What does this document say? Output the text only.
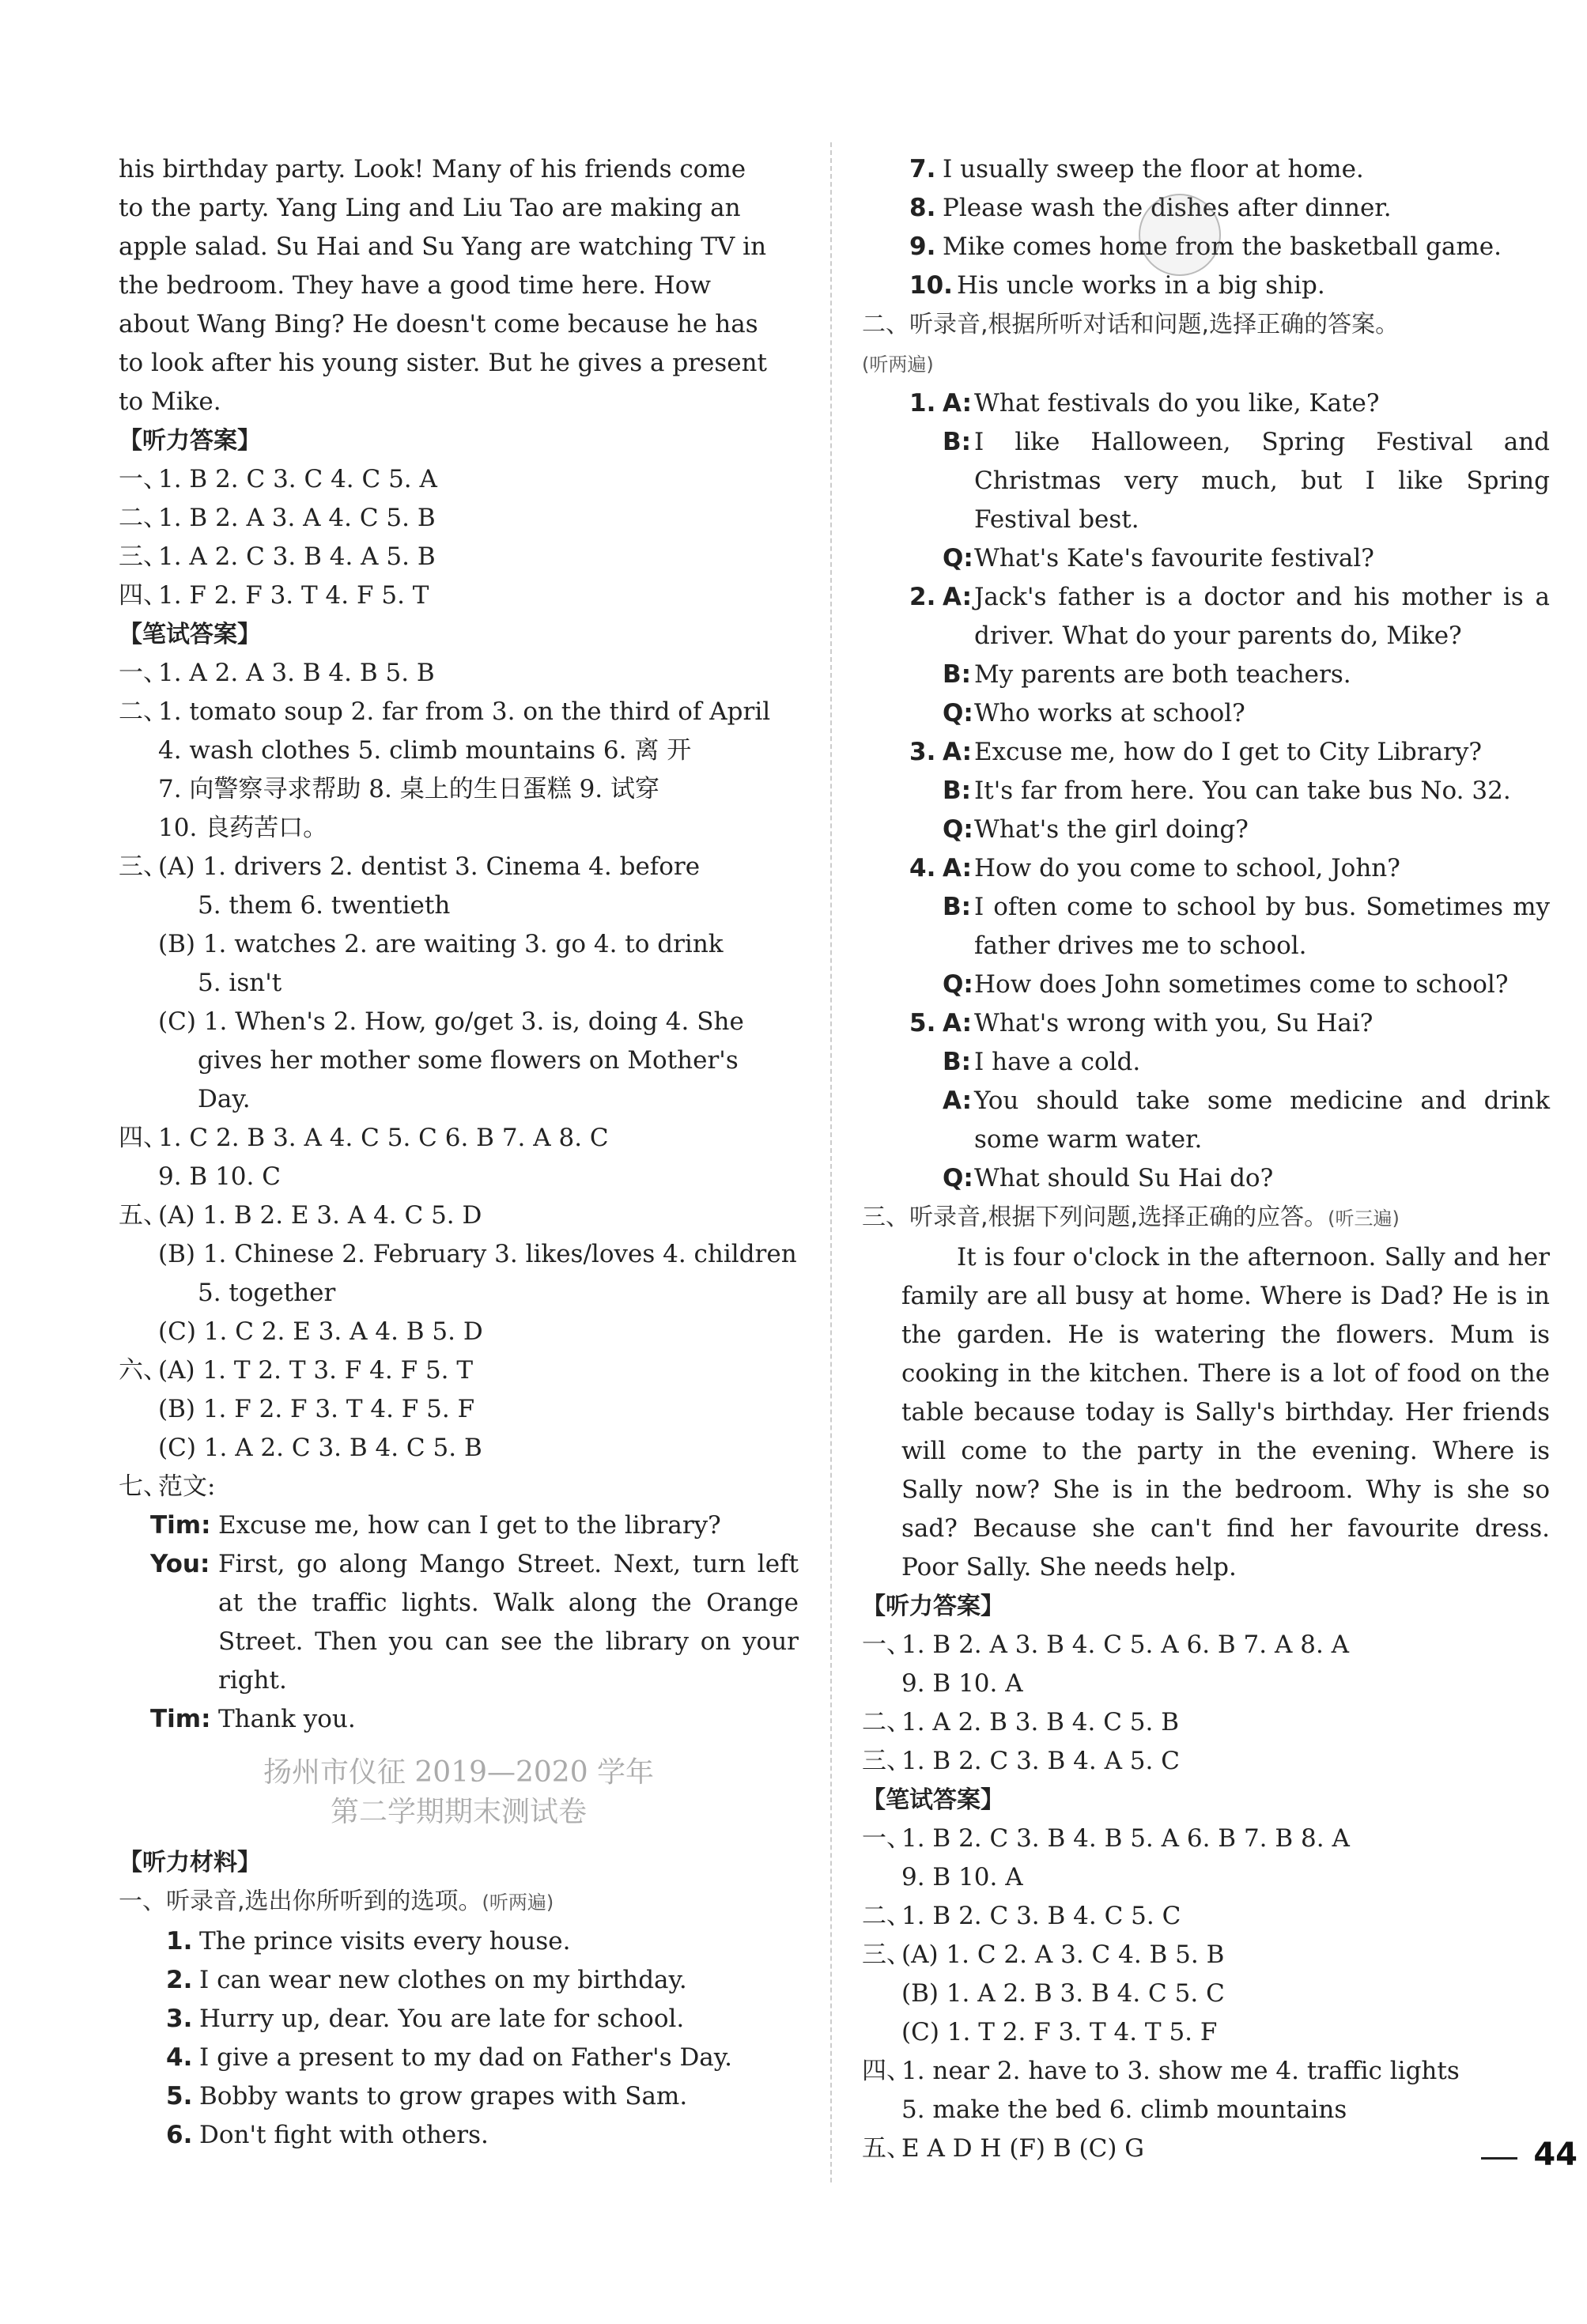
his birthday party. Look! Many of his friends come
to the party. Yang Ling and Liu Tao are making an
apple salad. Su Hai and Su Yang are watching TV in
the bedroom. They have a good time here. How
about Wang Bing? He doesn't come because he has
to look after his young sister. But he gives a present
to Mike.
【听力答案】
一、1. B 2. C 3. C 4. C 5. A
二、1. B 2. A 3. A 4. C 5. B
三、1. A 2. C 3. B 4. A 5. B
四、1. F 2. F 3. T 4. F 5. T
【笔试答案】
一、1. A 2. A 3. B 4. B 5. B
二、1. tomato soup 2. far from 3. on the third of April
4. wash clothes 5. climb mountains 6. 离 开
7. 向警察寻求帮助 8. 桌上的生日蛋糕 9. 试穿
10. 良药苦口。
三、(A) 1. drivers 2. dentist 3. Cinema 4. before
5. them 6. twentieth
(B) 1. watches 2. are waiting 3. go 4. to drink
5. isn't
(C) 1. When's 2. How, go/get 3. is, doing 4. She
gives her mother some flowers on Mother's
Day.
四、1. C 2. B 3. A 4. C 5. C 6. B 7. A 8. C
9. B 10. C
五、(A) 1. B 2. E 3. A 4. C 5. D
(B) 1. Chinese 2. February 3. likes/loves 4. children
5. together
(C) 1. C 2. E 3. A 4. B 5. D
六、(A) 1. T 2. T 3. F 4. F 5. T
(B) 1. F 2. F 3. T 4. F 5. F
(C) 1. A 2. C 3. B 4. C 5. B
七、范文:
Tim: Excuse me, how can I get to the library?
You: First, go along Mango Street. Next, turn left at the traffic lights. Walk along the Orange Street. Then you can see the library on your right.
Tim: Thank you.
扬州市仪征 2019—2020 学年
第二学期期末测试卷
【听力材料】
一、听录音,选出你所听到的选项。(听两遍)
1. The prince visits every house.
2. I can wear new clothes on my birthday.
3. Hurry up, dear. You are late for school.
4. I give a present to my dad on Father's Day.
5. Bobby wants to grow grapes with Sam.
6. Don't fight with others.
7. I usually sweep the floor at home.
8. Please wash the dishes after dinner.
9. Mike comes home from the basketball game.
10. His uncle works in a big ship.
二、听录音,根据所听对话和问题,选择正确的答案。
(听两遍)
1. A: What festivals do you like, Kate?
B: I like Halloween, Spring Festival and Christmas very much, but I like Spring Festival best.
Q: What's Kate's favourite festival?
2. A: Jack's father is a doctor and his mother is a driver. What do your parents do, Mike?
B: My parents are both teachers.
Q: Who works at school?
3. A: Excuse me, how do I get to City Library?
B: It's far from here. You can take bus No. 32.
Q: What's the girl doing?
4. A: How do you come to school, John?
B: I often come to school by bus. Sometimes my father drives me to school.
Q: How does John sometimes come to school?
5. A: What's wrong with you, Su Hai?
B: I have a cold.
A: You should take some medicine and drink some warm water.
Q: What should Su Hai do?
三、听录音,根据下列问题,选择正确的应答。(听三遍)
It is four o'clock in the afternoon. Sally and her family are all busy at home. Where is Dad? He is in the garden. He is watering the flowers. Mum is cooking in the kitchen. There is a lot of food on the table because today is Sally's birthday. Her friends will come to the party in the evening. Where is Sally now? She is in the bedroom. Why is she so sad? Because she can't find her favourite dress. Poor Sally. She needs help.
【听力答案】
一、1. B 2. A 3. B 4. C 5. A 6. B 7. A 8. A
9. B 10. A
二、1. A 2. B 3. B 4. C 5. B
三、1. B 2. C 3. B 4. A 5. C
【笔试答案】
一、1. B 2. C 3. B 4. B 5. A 6. B 7. B 8. A
9. B 10. A
二、1. B 2. C 3. B 4. C 5. C
三、(A) 1. C 2. A 3. C 4. B 5. B
(B) 1. A 2. B 3. B 4. C 5. C
(C) 1. T 2. F 3. T 4. T 5. F
四、1. near 2. have to 3. show me 4. traffic lights
5. make the bed 6. climb mountains
五、E A D H (F) B (C) G	44
